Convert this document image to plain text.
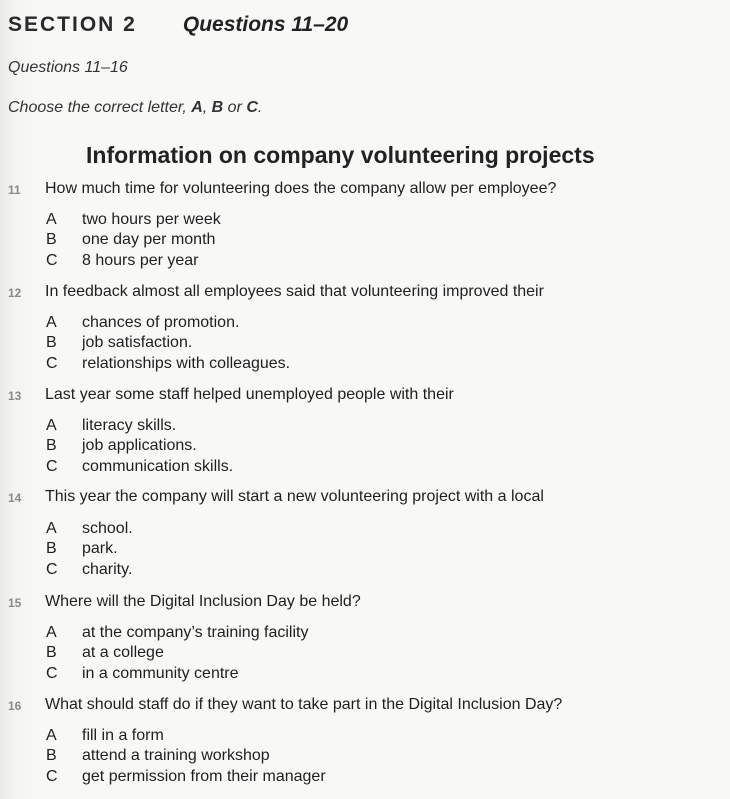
SECTION 2 Questions 11–20
Questions 11–16
Choose the correct letter, A, B or C.
Information on company volunteering projects
11 How much time for volunteering does the company allow per employee?
A two hours per week
B one day per month
C 8 hours per year
12 In feedback almost all employees said that volunteering improved their
A chances of promotion.
B job satisfaction.
C relationships with colleagues.
13 Last year some staff helped unemployed people with their
A literacy skills.
B job applications.
C communication skills.
14 This year the company will start a new volunteering project with a local
A school.
B park.
C charity.
15 Where will the Digital Inclusion Day be held?
A at the company’s training facility
B at a college
C in a community centre
16 What should staff do if they want to take part in the Digital Inclusion Day?
A fill in a form
B attend a training workshop
C get permission from their manager
